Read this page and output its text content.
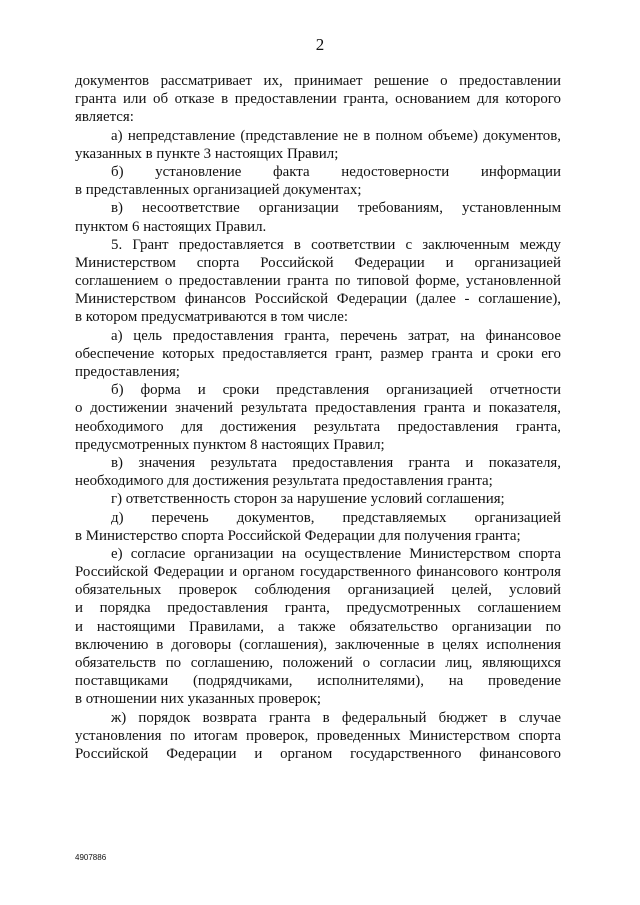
2
документов рассматривает их, принимает решение о предоставлении
гранта или об отказе в предоставлении гранта, основанием для которого
является:
а) непредставление (представление не в полном объеме) документов,
указанных в пункте 3 настоящих Правил;
б) установление факта недостоверности информации
в представленных организацией документах;
в) несоответствие организации требованиям, установленным
пунктом 6 настоящих Правил.
5. Грант предоставляется в соответствии с заключенным между
Министерством спорта Российской Федерации и организацией
соглашением о предоставлении гранта по типовой форме, установленной
Министерством финансов Российской Федерации (далее - соглашение),
в котором предусматриваются в том числе:
а) цель предоставления гранта, перечень затрат, на финансовое
обеспечение которых предоставляется грант, размер гранта и сроки его
предоставления;
б) форма и сроки представления организацией отчетности
о достижении значений результата предоставления гранта и показателя,
необходимого для достижения результата предоставления гранта,
предусмотренных пунктом 8 настоящих Правил;
в) значения результата предоставления гранта и показателя,
необходимого для достижения результата предоставления гранта;
г) ответственность сторон за нарушение условий соглашения;
д) перечень документов, представляемых организацией
в Министерство спорта Российской Федерации для получения гранта;
е) согласие организации на осуществление Министерством спорта
Российской Федерации и органом государственного финансового контроля
обязательных проверок соблюдения организацией целей, условий
и порядка предоставления гранта, предусмотренных соглашением
и настоящими Правилами, а также обязательство организации по
включению в договоры (соглашения), заключенные в целях исполнения
обязательств по соглашению, положений о согласии лиц, являющихся
поставщиками (подрядчиками, исполнителями), на проведение
в отношении них указанных проверок;
ж) порядок возврата гранта в федеральный бюджет в случае
установления по итогам проверок, проведенных Министерством спорта
Российской Федерации и органом государственного финансового
4907886
